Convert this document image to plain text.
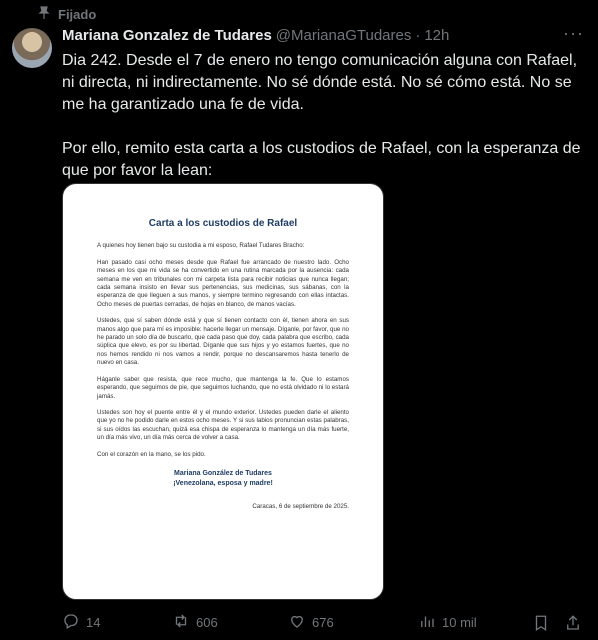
Fijado
Mariana Gonzalez de Tudares @MarianaGTudares · 12h	···
Dia 242. Desde el 7 de enero no tengo comunicación alguna con Rafael, ni directa, ni indirectamente. No sé dónde está. No sé cómo está. No se me ha garantizado una fe de vida.

Por ello, remito esta carta a los custodios de Rafael, con la esperanza de que por favor la lean:
Carta a los custodios de Rafael

A quienes hoy tienen bajo su custodia a mi esposo, Rafael Tudares Bracho:

Han pasado casi ocho meses desde que Rafael fue arrancado de nuestro lado. Ocho meses en los que mi vida se ha convertido en una rutina marcada por la ausencia: cada semana me ven en tribunales con mi carpeta lista para recibir noticias que nunca llegan; cada semana insisto en llevar sus pertenencias, sus medicinas, sus sábanas, con la esperanza de que lleguen a sus manos, y siempre termino regresando con ellas intactas. Ocho meses de puertas cerradas, de hojas en blanco, de manos vacías.

Ustedes, que sí saben dónde está y que sí tienen contacto con él, tienen ahora en sus manos algo que para mí es imposible: hacerle llegar un mensaje. Díganle, por favor, que no he parado un solo día de buscarlo, que cada paso que doy, cada palabra que escribo, cada súplica que elevo, es por su libertad. Díganle que sus hijos y yo estamos fuertes, que no nos hemos rendido ni nos vamos a rendir, porque no descansaremos hasta tenerlo de nuevo en casa.

Háganle saber que resista, que rece mucho, que mantenga la fe. Que lo estamos esperando, que seguimos de pie, que seguimos luchando, que no está olvidado ni lo estará jamás.

Ustedes son hoy el puente entre él y el mundo exterior. Ustedes pueden darle el aliento que yo no he podido darle en estos ocho meses. Y si sus labios pronuncian estas palabras, si sus oídos las escuchan, quizá esa chispa de esperanza lo mantenga un día más fuerte, un día más vivo, un día más cerca de volver a casa.

Con el corazón en la mano, se los pido.

Mariana González de Tudares
¡Venezolana, esposa y madre!
Caracas, 6 de septiembre de 2025.
14	606	676	10 mil
